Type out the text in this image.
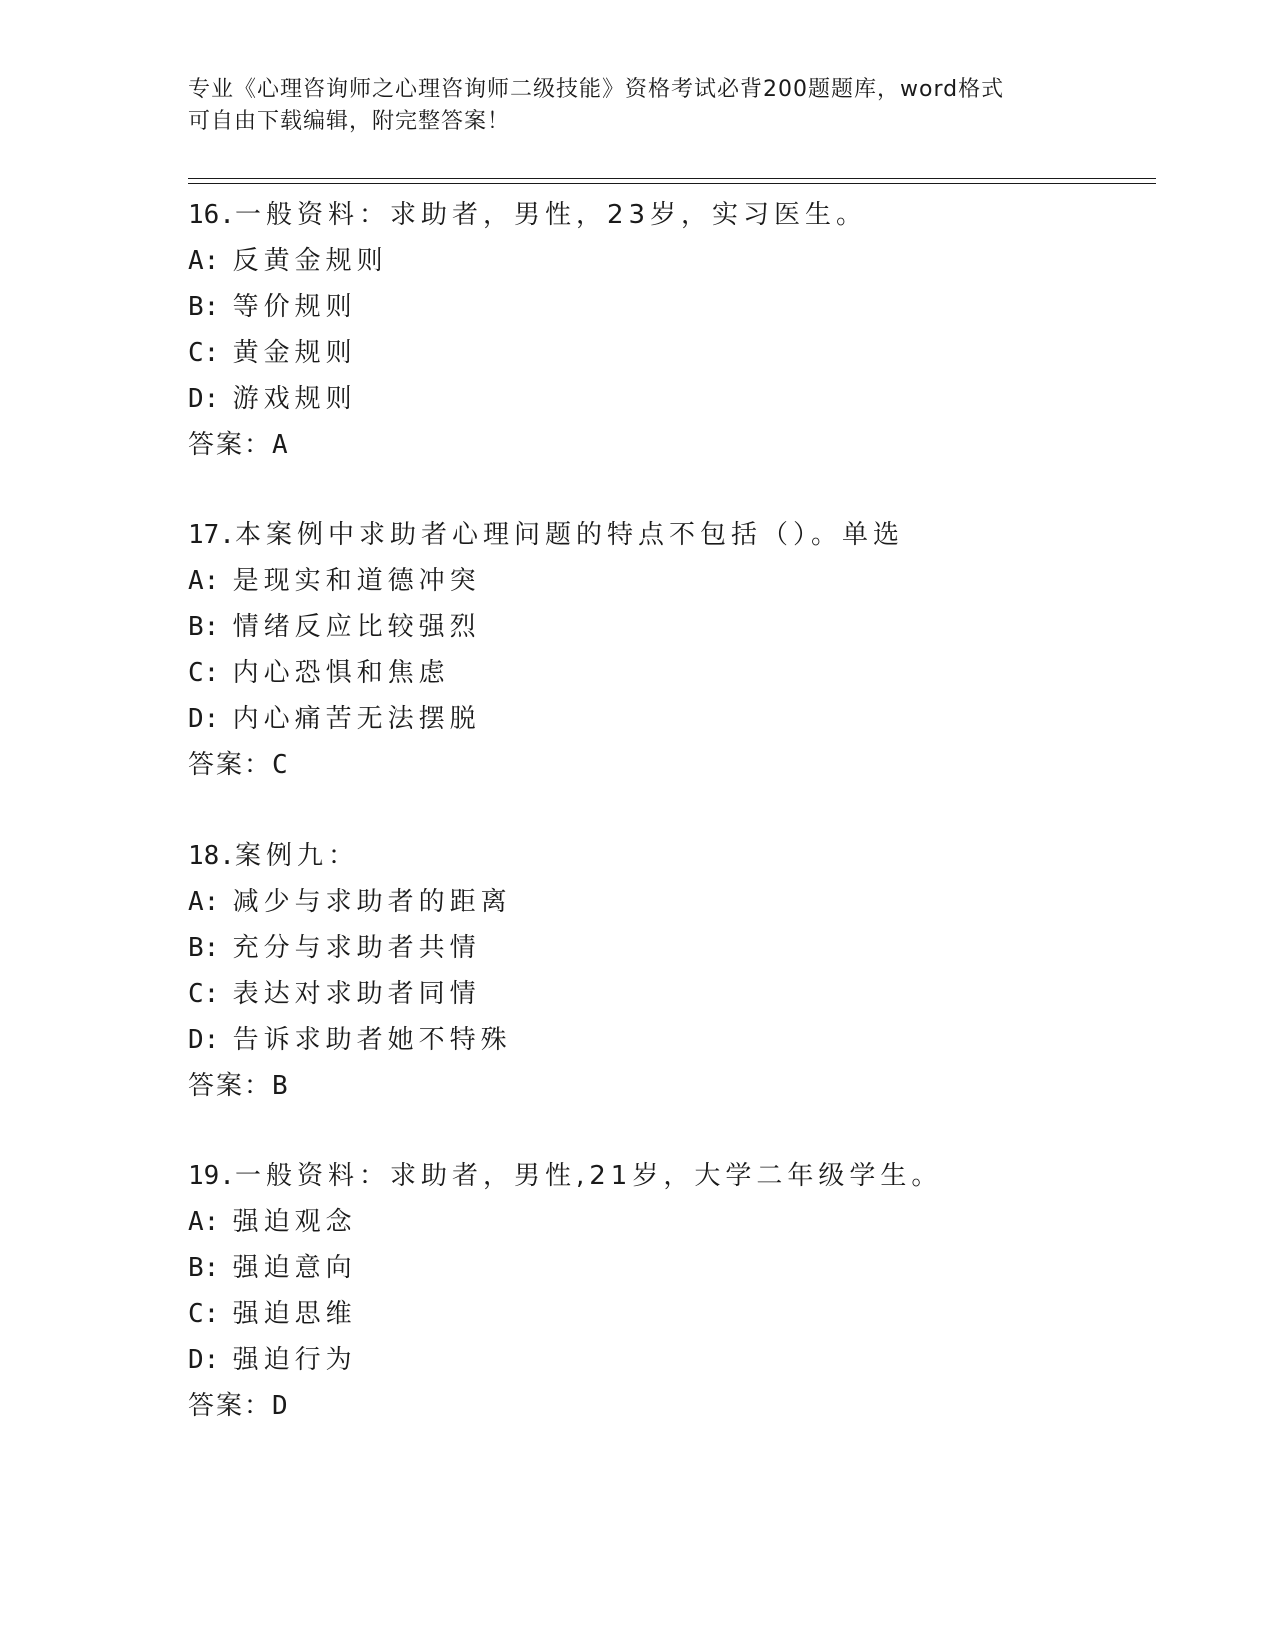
专业《心理咨询师之心理咨询师二级技能》资格考试必背200题题库，word格式
可自由下载编辑，附完整答案！
16.一般资料：求助者，男性，23岁，实习医生。
A: 反黄金规则
B: 等价规则
C: 黄金规则
D: 游戏规则
答案：A
17.本案例中求助者心理问题的特点不包括（）。单选
A: 是现实和道德冲突
B: 情绪反应比较强烈
C: 内心恐惧和焦虑
D: 内心痛苦无法摆脱
答案：C
18.案例九：
A: 减少与求助者的距离
B: 充分与求助者共情
C: 表达对求助者同情
D: 告诉求助者她不特殊
答案：B
19.一般资料：求助者，男性,21岁，大学二年级学生。
A: 强迫观念
B: 强迫意向
C: 强迫思维
D: 强迫行为
答案：D
